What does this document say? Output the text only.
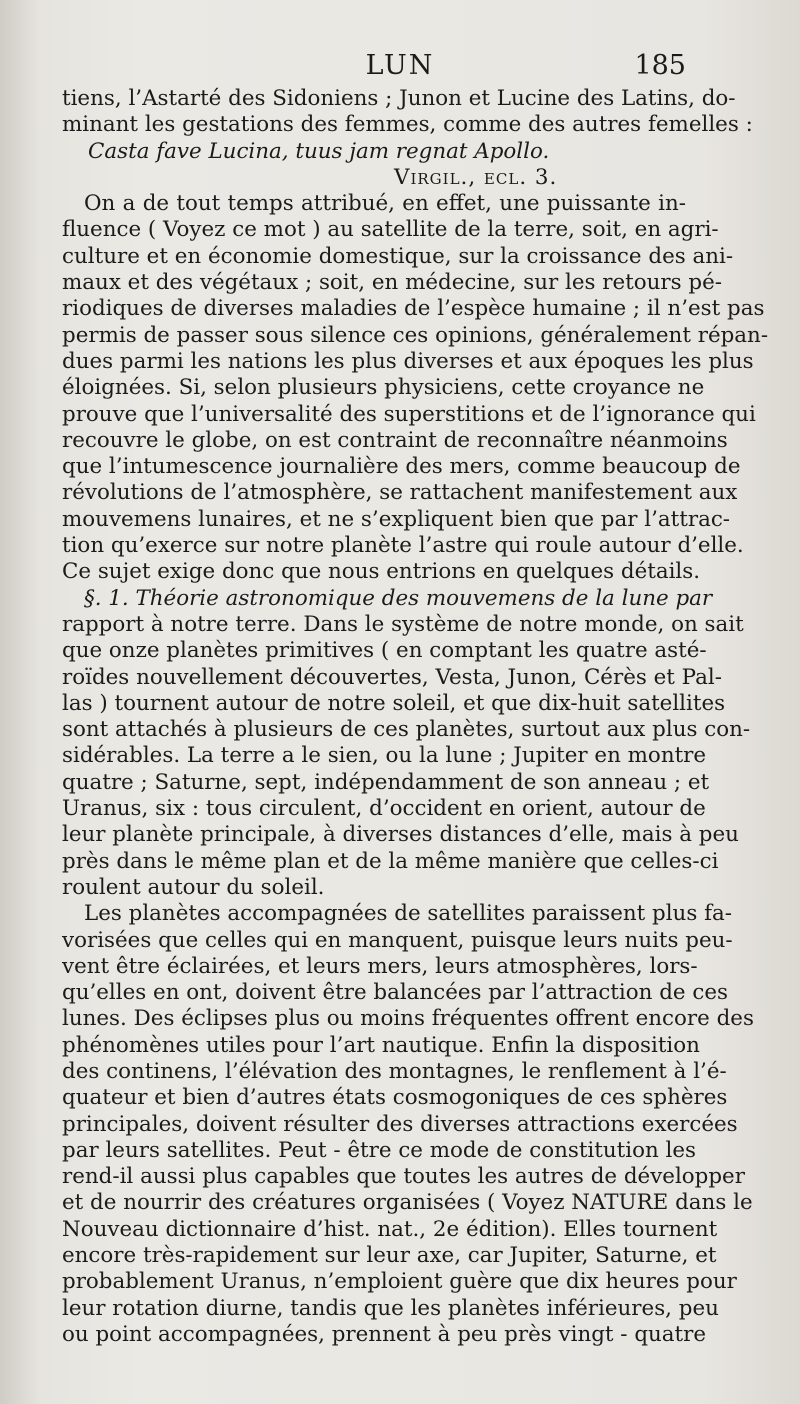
LUN	185
tiens, l’Astarté des Sidoniens ; Junon et Lucine des Latins, do-
minant les gestations des femmes, comme des autres femelles :
Casta fave Lucina, tuus jam regnat Apollo.
Virgil., ecl. 3.
On a de tout temps attribué, en effet, une puissante in-
fluence ( Voyez ce mot ) au satellite de la terre, soit, en agri-
culture et en économie domestique, sur la croissance des ani-
maux et des végétaux ; soit, en médecine, sur les retours pé-
riodiques de diverses maladies de l’espèce humaine ; il n’est pas
permis de passer sous silence ces opinions, généralement répan-
dues parmi les nations les plus diverses et aux époques les plus
éloignées. Si, selon plusieurs physiciens, cette croyance ne
prouve que l’universalité des superstitions et de l’ignorance qui
recouvre le globe, on est contraint de reconnaître néanmoins
que l’intumescence journalière des mers, comme beaucoup de
révolutions de l’atmosphère, se rattachent manifestement aux
mouvemens lunaires, et ne s’expliquent bien que par l’attrac-
tion qu’exerce sur notre planète l’astre qui roule autour d’elle.
Ce sujet exige donc que nous entrions en quelques détails.
§. 1. Théorie astronomique des mouvemens de la lune par
rapport à notre terre. Dans le système de notre monde, on sait
que onze planètes primitives ( en comptant les quatre asté-
roïdes nouvellement découvertes, Vesta, Junon, Cérès et Pal-
las ) tournent autour de notre soleil, et que dix-huit satellites
sont attachés à plusieurs de ces planètes, surtout aux plus con-
sidérables. La terre a le sien, ou la lune ; Jupiter en montre
quatre ; Saturne, sept, indépendamment de son anneau ; et
Uranus, six : tous circulent, d’occident en orient, autour de
leur planète principale, à diverses distances d’elle, mais à peu
près dans le même plan et de la même manière que celles-ci
roulent autour du soleil.
Les planètes accompagnées de satellites paraissent plus fa-
vorisées que celles qui en manquent, puisque leurs nuits peu-
vent être éclairées, et leurs mers, leurs atmosphères, lors-
qu’elles en ont, doivent être balancées par l’attraction de ces
lunes. Des éclipses plus ou moins fréquentes offrent encore des
phénomènes utiles pour l’art nautique. Enfin la disposition
des continens, l’élévation des montagnes, le renflement à l’é-
quateur et bien d’autres états cosmogoniques de ces sphères
principales, doivent résulter des diverses attractions exercées
par leurs satellites. Peut - être ce mode de constitution les
rend-il aussi plus capables que toutes les autres de développer
et de nourrir des créatures organisées ( Voyez NATURE dans le
Nouveau dictionnaire d’hist. nat., 2e édition). Elles tournent
encore très-rapidement sur leur axe, car Jupiter, Saturne, et
probablement Uranus, n’emploient guère que dix heures pour
leur rotation diurne, tandis que les planètes inférieures, peu
ou point accompagnées, prennent à peu près vingt - quatre
